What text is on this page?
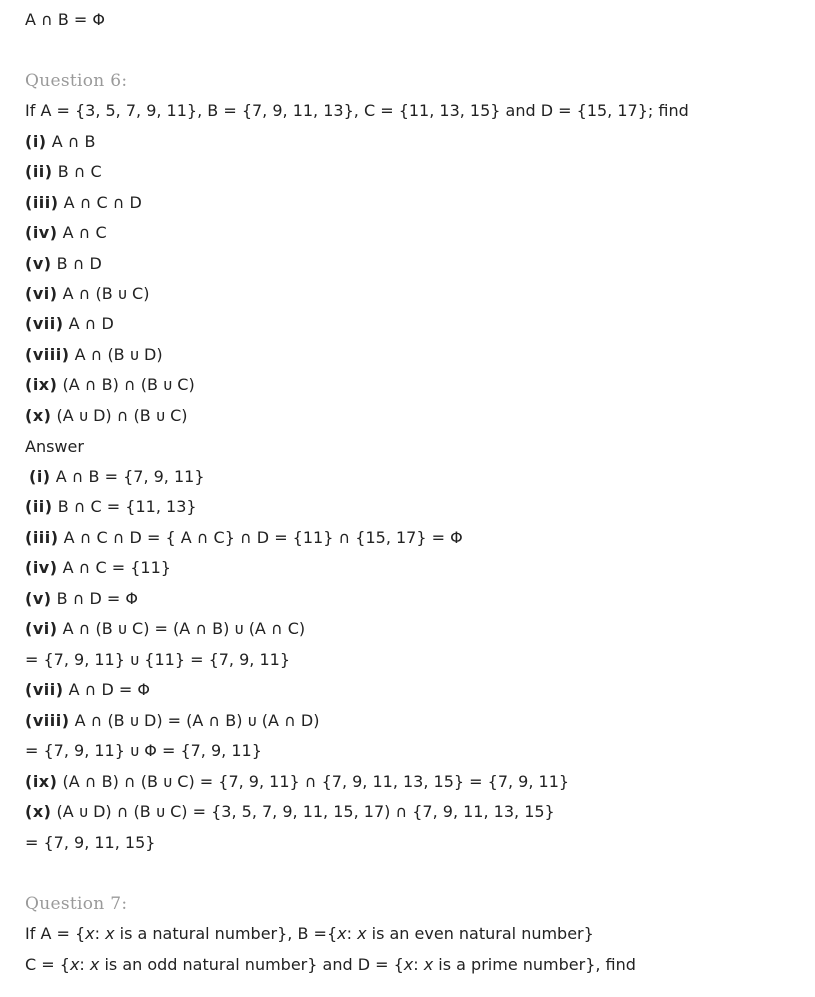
A ∩ B = Φ
Question 6:
If A = {3, 5, 7, 9, 11}, B = {7, 9, 11, 13}, C = {11, 13, 15} and D = {15, 17}; find
(i) A ∩ B
(ii) B ∩ C
(iii) A ∩ C ∩ D
(iv) A ∩ C
(v) B ∩ D
(vi) A ∩ (B ᴜ C)
(vii) A ∩ D
(viii) A ∩ (B ᴜ D)
(ix) (A ∩ B) ∩ (B ᴜ C)
(x) (A ᴜ D) ∩ (B ᴜ C)
Answer
(i) A ∩ B = {7, 9, 11}
(ii) B ∩ C = {11, 13}
(iii) A ∩ C ∩ D = { A ∩ C} ∩ D = {11} ∩ {15, 17} = Φ
(iv) A ∩ C = {11}
(v) B ∩ D = Φ
(vi) A ∩ (B ᴜ C) = (A ∩ B) ᴜ (A ∩ C)
= {7, 9, 11} ᴜ {11} = {7, 9, 11}
(vii) A ∩ D = Φ
(viii) A ∩ (B ᴜ D) = (A ∩ B) ᴜ (A ∩ D)
= {7, 9, 11} ᴜ Φ = {7, 9, 11}
(ix) (A ∩ B) ∩ (B ᴜ C) = {7, 9, 11} ∩ {7, 9, 11, 13, 15} = {7, 9, 11}
(x) (A ᴜ D) ∩ (B ᴜ C) = {3, 5, 7, 9, 11, 15, 17) ∩ {7, 9, 11, 13, 15}
= {7, 9, 11, 15}
Question 7:
If A = {x: x is a natural number}, B ={x: x is an even natural number}
C = {x: x is an odd natural number} and D = {x: x is a prime number}, find
